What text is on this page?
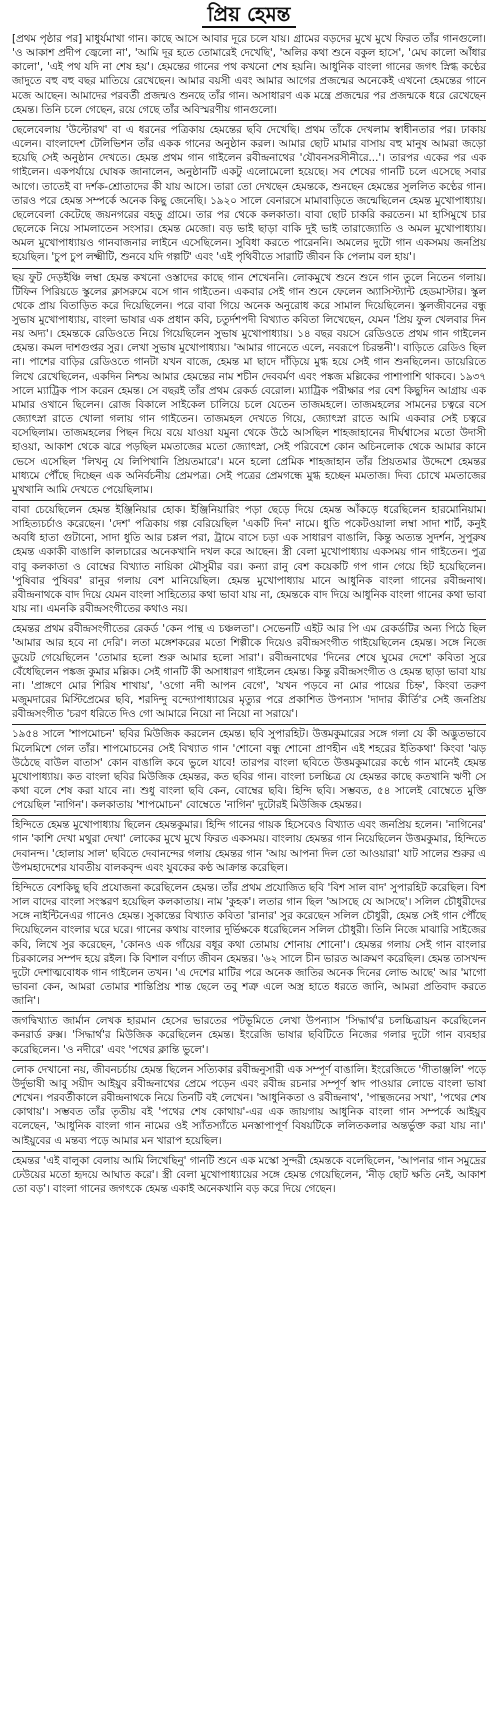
প্রিয় হেমন্ত

[প্রথম পৃষ্ঠার পর] মাধুর্যমাখা গান। কাছে আসে আবার দূরে চলে যায়। গ্রামের বড়দের মুখে মুখে ফিরত তাঁর গানগুলো। 'ও আকাশ প্রদীপ জ্বেলো না', 'আমি দূর হতে তোমারেই দেখেছি', 'অলির কথা শুনে বকুল হাসে', 'মেঘ কালো আঁধার কালো', 'এই পথ যদি না শেষ হয়'। হেমন্তের গানের পথ কখনো শেষ হয়নি। আধুনিক বাংলা গানের জগৎ স্নিগ্ধ কণ্ঠের জাদুতে বহু বহু বছর মাতিয়ে রেখেছেন। আমার বয়সী এবং আমার আগের প্রজন্মের অনেকেই এখনো হেমন্তের গানে মজে আছেন। আমাদের পরবর্তী প্রজন্মও শুনছে তাঁর গান। অসাধারণ এক মন্ত্রে প্রজন্মের পর প্রজন্মকে ধরে রেখেছেন হেমন্ত। তিনি চলে গেছেন, রয়ে গেছে তাঁর অবিস্মরণীয় গানগুলো।

ছেলেবেলায় 'উল্টোরথ' বা এ ধরনের পত্রিকায় হেমন্তের ছবি দেখেছি। প্রথম তাঁকে দেখলাম স্বাধীনতার পর। ঢাকায় এলেন। বাংলাদেশ টেলিভিশন তাঁর একক গানের অনুষ্ঠান করল। আমার ছোট মামার বাসায় বহু মানুষ আমরা জড়ো হয়েছি সেই অনুষ্ঠান দেখতে। হেমন্ত প্রথম গান গাইলেন রবীন্দ্রনাথের 'যৌবনসরসীনীরে...'। তারপর একের পর এক গাইলেন। একপর্যায়ে ঘোষক জানালেন, অনুষ্ঠানটি একটু এলোমেলো হয়েছে। সব শেষের গানটি চলে এসেছে সবার আগে। তাতেই বা দর্শক-শ্রোতাদের কী যায় আসে। তারা তো দেখছেন হেমন্তকে, শুনছেন হেমন্তের সুললিত কণ্ঠের গান। তারও পরে হেমন্ত সম্পর্কে অনেক কিছু জেনেছি। ১৯২০ সালে বেনারসে মামাবাড়িতে জন্মেছিলেন হেমন্ত মুখোপাধ্যায়। ছেলেবেলা কেটেছে জয়নগরের বহড়ু গ্রামে। তার পর থেকে কলকাতা। বাবা ছোট চাকরি করতেন। মা হাসিমুখে চার ছেলেকে নিয়ে সামলাতেন সংসার। হেমন্ত মেজো। বড় ভাই ছাড়া বাকি দুই ভাই তারাজ্যোতি ও অমল মুখোপাধ্যায়। অমল মুখোপাধ্যায়ও গানবাজনার লাইনে এসেছিলেন। সুবিধা করতে পারেননি। অমলের দুটো গান একসময় জনপ্রিয় হয়েছিল। 'চুপ চুপ লক্ষ্মীটি, শুনবে যদি গল্পটি' এবং 'এই পৃথিবীতে সারাটি জীবন কি পেলাম বল হায়'।

ছয় ফুট দেড়ইঞ্চি লম্বা হেমন্ত কখনো ওস্তাদের কাছে গান শেখেননি। লোকমুখে শুনে শুনে গান তুলে নিতেন গলায়। টিফিন পিরিয়ডে স্কুলের ক্লাসরুমে বসে গান গাইতেন। একবার সেই গান শুনে ফেলেন অ্যাসিস্ট্যান্ট হেডমাস্টার। স্কুল থেকে প্রায় বিতাড়িত করে দিয়েছিলেন। পরে বাবা গিয়ে অনেক অনুরোধ করে সামাল দিয়েছিলেন। স্কুলজীবনের বন্ধু সুভাষ মুখোপাধ্যায়, বাংলা ভাষার এক প্রধান কবি, চতুর্দশপদী বিখ্যাত কবিতা লিখেছেন, যেমন 'প্রিয় ফুল খেলবার দিন নয় অদ্য'। হেমন্তকে রেডিওতে নিয়ে গিয়েছিলেন সুভাষ মুখোপাধ্যায়। ১৪ বছর বয়সে রেডিওতে প্রথম গান গাইলেন হেমন্ত। কমল দাশগুপ্তর সুর। লেখা সুভাষ মুখোপাধ্যায়। 'আমার গানেতে এলে, নবরূপে চিরন্তনী'। বাড়িতে রেডিও ছিল না। পাশের বাড়ির রেডিওতে গানটা যখন বাজে, হেমন্ত মা ছাদে দাঁড়িয়ে মুগ্ধ হয়ে সেই গান শুনছিলেন। ডায়েরিতে লিখে রেখেছিলেন, একদিন নিশ্চয় আমার হেমন্তের নাম শচীন দেববর্মণ এবং পঙ্কজ মল্লিকের পাশাপাশি থাকবে। ১৯৩৭ সালে ম্যাট্রিক পাস করেন হেমন্ত। সে বছরই তাঁর প্রথম রেকর্ড বেরোল। ম্যাট্রিক পরীক্ষার পর বেশ কিছুদিন আগ্রায় এক মামার ওখানে ছিলেন। রোজ বিকালে সাইকেল চালিয়ে চলে যেতেন তাজমহলে। তাজমহলের সামনের চত্বরে বসে জ্যোৎস্না রাতে খোলা গলায় গান গাইতেন। তাজমহল দেখতে গিয়ে, জ্যোৎস্না রাতে আমি একবার সেই চত্বরে বসেছিলাম। তাজমহলের পিছন দিয়ে বয়ে যাওয়া যমুনা থেকে উঠে আসছিল শাহজাহানের দীর্ঘশ্বাসের মতো উদাসী হাওয়া, আকাশ থেকে ঝরে পড়ছিল মমতাজের মতো জ্যোৎস্না, সেই পরিবেশে কোন অচিনলোক থেকে আমার কানে ভেসে এসেছিল 'লিখনু যে লিপিখানি প্রিয়তমারে'। মনে হলো প্রেমিক শাহজাহান তাঁর প্রিয়তমার উদ্দেশে হেমন্তর মাধ্যমে পৌঁছে দিচ্ছেন এক অনির্বচনীয় প্রেমপত্র। সেই পত্রের প্রেমগন্ধে মুগ্ধ হচ্ছেন মমতাজ। দিব্য চোখে মমতাজের মুখখানি আমি দেখতে পেয়েছিলাম।

বাবা চেয়েছিলেন হেমন্ত ইঞ্জিনিয়ার হোক। ইঞ্জিনিয়ারিং পড়া ছেড়ে দিয়ে হেমন্ত আঁকড়ে ধরেছিলেন হারমোনিয়াম। সাহিত্যচর্চাও করেছেন। 'দেশ' পত্রিকায় গল্প বেরিয়েছিল 'একটি দিন' নামে। ধুতি পকেটওয়ালা লম্বা সাদা শার্ট, কনুই অবধি হাতা গুটানো, সাদা ধুতি আর চপ্পল পরা, ট্রামে বাসে চড়া এক সাধারণ বাঙালি, কিন্তু অত্যন্ত সুদর্শন, সুপুরুষ হেমন্ত একাকী বাঙালি কালচারের অনেকখানি দখল করে আছেন। স্ত্রী বেলা মুখোপাধ্যায় একসময় গান গাইতেন। পুত্র বাবু কলকাতা ও বোম্বের বিখ্যাত নায়িকা মৌসুমীর বর। কন্যা রানু বেশ কয়েকটি গপ গান গেয়ে হিট হয়েছিলেন। 'পুষিবার পুষিবর' রানুর গলায় বেশ মানিয়েছিল। হেমন্ত মুখোপাধ্যায় মানে আধুনিক বাংলা গানের রবীন্দ্রনাথ। রবীন্দ্রনাথকে বাদ দিয়ে যেমন বাংলা সাহিত্যের কথা ভাবা যায় না, হেমন্তকে বাদ দিয়ে আধুনিক বাংলা গানের কথা ভাবা যায় না। এমনকি রবীন্দ্রসংগীতের কথাও নয়।

হেমন্তর প্রথম রবীন্দ্রসংগীতের রেকর্ড 'কেন পান্থ এ চঞ্চলতা'। সেভেনটি এইট আর পি এম রেকর্ডটির অন্য পিঠে ছিল 'আমার আর হবে না দেরি'। লতা মঙ্গেশকরের মতো শিল্পীকে দিয়েও রবীন্দ্রসংগীত গাইয়েছিলেন হেমন্ত। সঙ্গে নিজে ডুয়েট গেয়েছিলেন 'তোমার হলো শুরু আমার হলো সারা'। রবীন্দ্রনাথের 'দিনের শেষে ঘুমের দেশে' কবিতা সুরে বেঁধেছিলেন পঙ্কজ কুমার মল্লিক। সেই গানটি কী অসাধারণ গাইলেন হেমন্ত। কিন্তু রবীন্দ্রসংগীত ও হেমন্ত ছাড়া ভাবা যায় না। 'প্রাঙ্গণে মোর শিরিষ শাখায়', 'ওগো নদী আপন বেগে', 'যখন পড়বে না মোর পায়ের চিহ্ন', কিংবা তরুণ মজুমদারের মিস্টিপ্রেমের ছবি, শরদিন্দু বন্দ্যোপাধ্যায়ের মৃত্যুর পরে প্রকাশিত উপন্যাস 'দাদার কীর্তি'র সেই জনপ্রিয় রবীন্দ্রসংগীত 'চরণ ধরিতে দিও গো আমারে নিয়ো না নিয়ো না সরায়ে'।

১৯৫৪ সালে 'শাপমোচন' ছবির মিউজিক করলেন হেমন্ত। ছবি সুপারহিট। উত্তমকুমারের সঙ্গে গলা যে কী অদ্ভুতভাবে মিলেমিশে গেল তাঁর। শাপমোচনের সেই বিখ্যাত গান 'শোনো বন্ধু শোনো প্রাণহীন এই শহরের ইতিকথা' কিংবা 'ঝড় উঠেছে বাউল বাতাস' কোন বাঙালি কবে ভুলে যাবে! তারপর বাংলা ছবিতে উত্তমকুমারের কণ্ঠে গান মানেই হেমন্ত মুখোপাধ্যায়। কত বাংলা ছবির মিউজিক হেমন্তর, কত ছবির গান। বাংলা চলচ্চিত্র যে হেমন্তর কাছে কতখানি ঋণী সে কথা বলে শেষ করা যাবে না। শুধু বাংলা ছবি কেন, বোম্বের ছবি। হিন্দি ছবি। সম্ভবত, ৫৪ সালেই বোম্বেতে মুক্তি পেয়েছিল 'নাগিন'। কলকাতায় 'শাপমোচন' বোম্বেতে 'নাগিন' দুটোরই মিউজিক হেমন্তর।

হিন্দিতে হেমন্ত মুখোপাধ্যায় ছিলেন হেমন্তকুমার। হিন্দি গানের গায়ক হিসেবেও বিখ্যাত এবং জনপ্রিয় হলেন। 'নাগিনের' গান 'কাশি দেখা মথুরা দেখা' লোকের মুখে মুখে ফিরত একসময়। বাংলায় হেমন্তর গান নিয়েছিলেন উত্তমকুমার, হিন্দিতে দেবানন্দ। 'হোলায় সাল' ছবিতে দেবানন্দের গলায় হেমন্তর গান 'আয় আপনা দিল তো আওয়ারা' যাট সালের শুরুর এ উপমহাদেশের যাবতীয় বালকবৃন্দ এবং যুবকের কণ্ঠ আক্রান্ত করেছিল।

হিন্দিতে বেশকিছু ছবি প্রযোজনা করেছিলেন হেমন্ত। তাঁর প্রথম প্রযোজিত ছবি 'বিশ সাল বাদ' সুপারহিট করেছিল। বিশ সাল বাদের বাংলা সংস্করণ হয়েছিল কলকাতায়। নাম 'কুহক'। লতার গান ছিল 'আসছে যে আসছে'। সলিল চৌধুরীদের সঙ্গে নাইন্টিনেএর গানেও হেমন্ত। সুকান্তের বিখ্যাত কবিতা 'রানার' সুর করেছেন সলিল চৌধুরী, হেমন্ত সেই গান পৌঁছে দিয়েছিলেন বাংলার ঘরে ঘরে। গানের কথায় বাংলার দুর্ভিক্ষকে ধরেছিলেন সলিল চৌধুরী। তিনি নিজে মাঝারি সাইজের কবি, লিখে সুর করেছেন, 'কোনও এক গাঁয়ের বধূর কথা তোমায় শোনায় শোনো'। হেমন্তর গলায় সেই গান বাংলার চিরকালের সম্পদ হয়ে রইল। কি বিশাল বর্ণাঢ্য জীবন হেমন্তর। '৬২ সালে চীন ভারত আক্রমণ করেছিল। হেমন্ত তাসখন্দ দুটো দেশাত্মবোধক গান গাইলেন তখন। 'এ দেশের মাটির পরে অনেক জাতির অনেক দিনের লোভ আছে' আর 'মাগো ভাবনা কেন, আমরা তোমার শান্তিপ্রিয় শান্ত ছেলে তবু শত্রু এলে অস্ত্র হাতে ধরতে জানি, আমরা প্রতিবাদ করতে জানি'।

জগদ্বিখ্যাত জার্মান লেখক হারমান হেসের ভারতের পটভূমিতে লেখা উপন্যাস 'সিদ্ধার্থ'র চলচ্চিত্রায়ন করেছিলেন কনরার্ড রুক্স। 'সিদ্ধার্থ'র মিউজিক করেছিলেন হেমন্ত। ইংরেজি ভাষার ছবিটিতে নিজের গলার দুটো গান ব্যবহার করেছিলেন। 'ও নদীরে' এবং 'পথের ক্লান্তি ভুলে'।

লোক দেখানো নয়, জীবনচর্চায় হেমন্ত ছিলেন সত্যিকার রবীন্দ্রনুসারী এক সম্পূর্ণ বাঙালি। ইংরেজিতে 'গীতাঞ্জলি' পড়ে উর্দুভাষী আবু সয়ীদ আইয়ুব রবীন্দ্রনাথের প্রেমে পড়েন এবং রবীন্দ্র রচনার সম্পূর্ণ স্বাদ পাওয়ার লোভে বাংলা ভাষা শেখেন। পরবর্তীকালে রবীন্দ্রনাথকে নিয়ে তিনটি বই লেখেন। 'আধুনিকতা ও রবীন্দ্রনাথ', 'পান্থজনের সখা', 'পথের শেষ কোথায়'। সম্ভবত তাঁর তৃতীয় বই 'পথের শেষ কোথায়'-এর এক জায়গায় আধুনিক বাংলা গান সম্পর্কে আইয়ুব বলেছেন, 'আধুনিক বাংলা গান নামের ওই স্যাঁতস্যাঁতে মনস্তাপাপূর্ণ বিষয়টিকে ললিতকলার অন্তর্ভুক্ত করা যায় না।' আইয়ুবের এ মন্তব্য পড়ে আমার মন খারাপ হয়েছিল।

হেমন্তর 'এই বালুকা বেলায় আমি লিখেছিনু' গানটি শুনে এক মস্কো সুন্দরী হেমন্তকে বলেছিলেন, 'আপনার গান সমুদ্রের ঢেউয়ের মতো হৃদয়ে আঘাত করে'। স্ত্রী বেলা মুখোপাধ্যায়ের সঙ্গে হেমন্ত গেয়েছিলেন, 'নীড় ছোট ক্ষতি নেই, আকাশ তো বড়'। বাংলা গানের জগৎকে হেমন্ত একাই অনেকখানি বড় করে দিয়ে গেছেন।
